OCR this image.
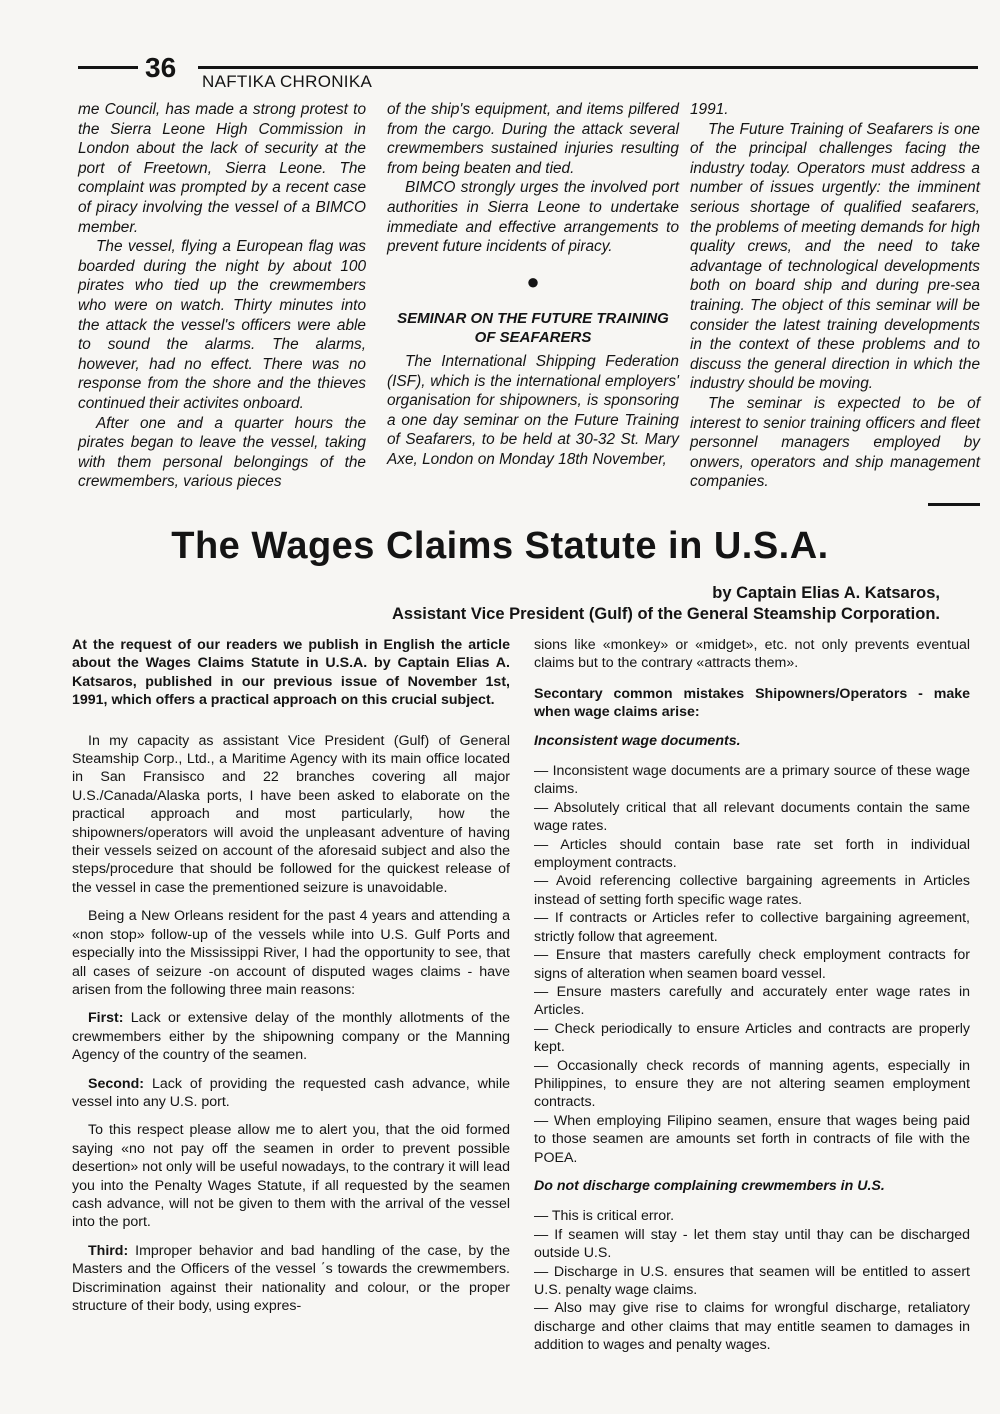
36 NAFTIKA CHRONIKA

me Council, has made a strong protest to the Sierra Leone High Commission in London about the lack of security at the port of Freetown, Sierra Leone. The complaint was prompted by a recent case of piracy involving the vessel of a BIMCO member.

The vessel, flying a European flag was boarded during the night by about 100 pirates who tied up the crewmembers who were on watch. Thirty minutes into the attack the vessel's officers were able to sound the alarms. The alarms, however, had no effect. There was no response from the shore and the thieves continued their activites onboard.

After one and a quarter hours the pirates began to leave the vessel, taking with them personal belongings of the crewmembers, various pieces

of the ship's equipment, and items pilfered from the cargo. During the attack several crewmembers sustained injuries resulting from being beaten and tied.

BIMCO strongly urges the involved port authorities in Sierra Leone to undertake immediate and effective arrangements to prevent future incidents of piracy.

●
SEMINAR ON THE FUTURE TRAINING OF SEAFARERS

The International Shipping Federation (ISF), which is the international employers' organisation for shipowners, is sponsoring a one day seminar on the Future Training of Seafarers, to be held at 30-32 St. Mary Axe, London on Monday 18th November,

1991.

The Future Training of Seafarers is one of the principal challenges facing the industry today. Operators must address a number of issues urgently: the imminent serious shortage of qualified seafarers, the problems of meeting demands for high quality crews, and the need to take advantage of technological developments both on board ship and during pre-sea training. The object of this seminar will be consider the latest training developments in the context of these problems and to discuss the general direction in which the industry should be moving.

The seminar is expected to be of interest to senior training officers and fleet personnel managers employed by onwers, operators and ship management companies.

The Wages Claims Statute in U.S.A.
by Captain Elias A. Katsaros,
Assistant Vice President (Gulf) of the General Steamship Corporation.

At the request of our readers we publish in English the article about the Wages Claims Statute in U.S.A. by Captain Elias A. Katsaros, published in our previous issue of November 1st, 1991, which offers a practical approach on this crucial subject.

In my capacity as assistant Vice President (Gulf) of General Steamship Corp., Ltd., a Maritime Agency with its main office located in San Fransisco and 22 branches covering all major U.S./Canada/Alaska ports, I have been asked to elaborate on the practical approach and most particularly, how the shipowners/operators will avoid the unpleasant adventure of having their vessels seized on account of the aforesaid subject and also the steps/procedure that should be followed for the quickest release of the vessel in case the prementioned seizure is unavoidable.

Being a New Orleans resident for the past 4 years and attending a «non stop» follow-up of the vessels while into U.S. Gulf Ports and especially into the Mississippi River, I had the opportunity to see, that all cases of seizure -on account of disputed wages claims - have arisen from the following three main reasons:

First: Lack or extensive delay of the monthly allotments of the crewmembers either by the shipowning company or the Manning Agency of the country of the seamen.

Second: Lack of providing the requested cash advance, while vessel into any U.S. port.

To this respect please allow me to alert you, that the oid formed saying «no not pay off the seamen in order to prevent possible desertion» not only will be useful nowadays, to the contrary it will lead you into the Penalty Wages Statute, if all requested by the seamen cash advance, will not be given to them with the arrival of the vessel into the port.

Third: Improper behavior and bad handling of the case, by the Masters and the Officers of the vessel ΄s towards the crewmembers. Discrimination against their nationality and colour, or the proper structure of their body, using expres-

sions like «monkey» or «midget», etc. not only prevents eventual claims but to the contrary «attracts them».

Secontary common mistakes Shipowners/Operators - make when wage claims arise:

Inconsistent wage documents.

— Inconsistent wage documents are a primary source of these wage claims.

— Absolutely critical that all relevant documents contain the same wage rates.

— Articles should contain base rate set forth in individual employment contracts.

— Avoid referencing collective bargaining agreements in Articles instead of setting forth specific wage rates.

— If contracts or Articles refer to collective bargaining agreement, strictly follow that agreement.

— Ensure that masters carefully check employment contracts for signs of alteration when seamen board vessel.

— Ensure masters carefully and accurately enter wage rates in Articles.

— Check periodically to ensure Articles and contracts are properly kept.

— Occasionally check records of manning agents, especially in Philippines, to ensure they are not altering seamen employment contracts.

— When employing Filipino seamen, ensure that wages being paid to those seamen are amounts set forth in contracts of file with the POEA.

Do not discharge complaining crewmembers in U.S.

— This is critical error.

— If seamen will stay - let them stay until thay can be discharged outside U.S.

— Discharge in U.S. ensures that seamen will be entitled to assert U.S. penalty wage claims.

— Also may give rise to claims for wrongful discharge, retaliatory discharge and other claims that may entitle seamen to damages in addition to wages and penalty wages.
